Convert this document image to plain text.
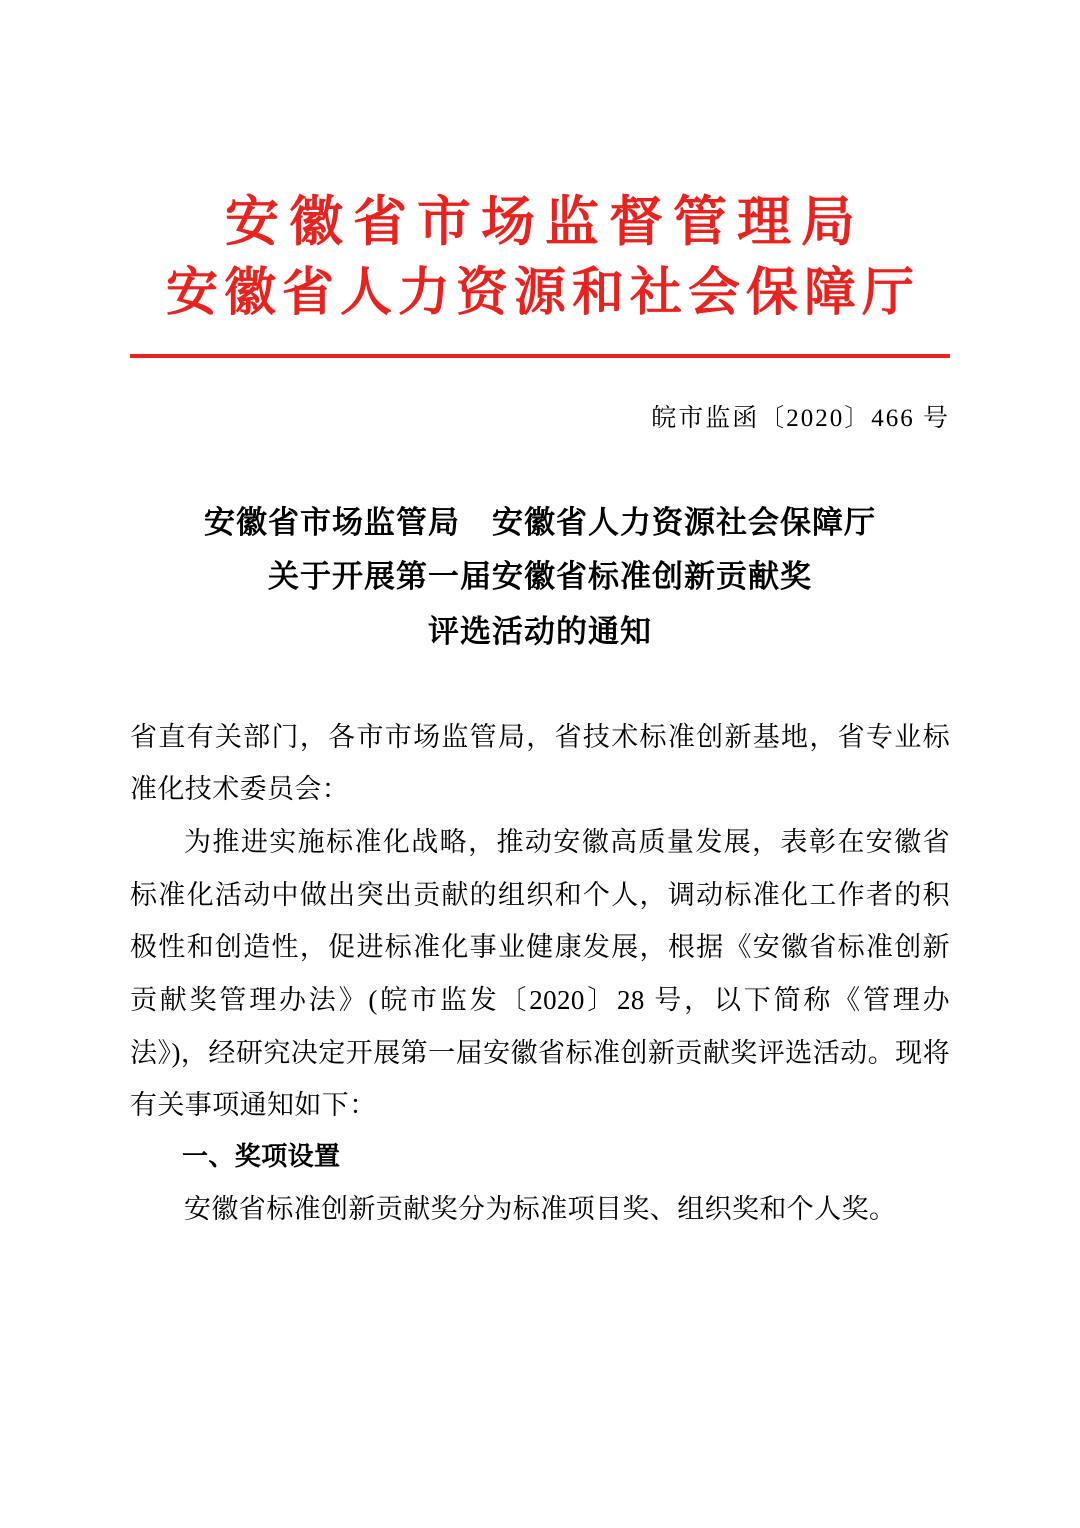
安徽省市场监督管理局
安徽省人力资源和社会保障厅
皖市监函〔2020〕466 号
安徽省市场监管局　安徽省人力资源社会保障厅
关于开展第一届安徽省标准创新贡献奖
评选活动的通知

省直有关部门，各市市场监管局，省技术标准创新基地，省专业标准化技术委员会：

为推进实施标准化战略，推动安徽高质量发展，表彰在安徽省标准化活动中做出突出贡献的组织和个人，调动标准化工作者的积极性和创造性，促进标准化事业健康发展，根据《安徽省标准创新贡献奖管理办法》(皖市监发〔2020〕28 号，以下简称《管理办法》)，经研究决定开展第一届安徽省标准创新贡献奖评选活动。现将有关事项通知如下：

一、奖项设置

安徽省标准创新贡献奖分为标准项目奖、组织奖和个人奖。
